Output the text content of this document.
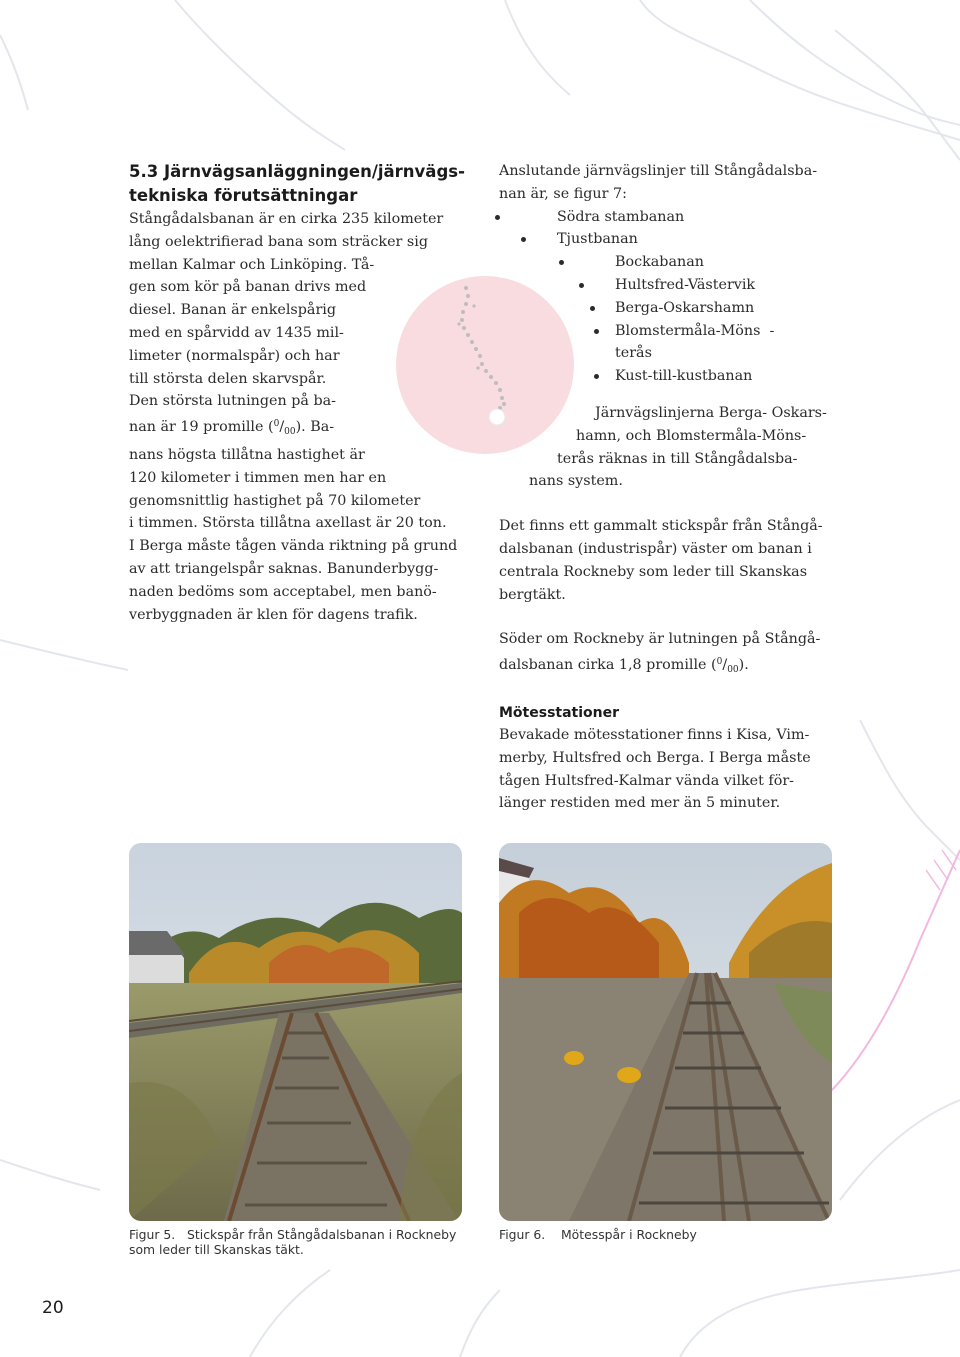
5.3 Järnvägsanläggningen/järnvägs-
tekniska förutsättningar

Stångådalsbanan är en cirka 235 kilometer
lång oelektrifierad bana som sträcker sig
mellan Kalmar och Linköping. Tå-
gen som kör på banan drivs med
diesel. Banan är enkelspårig
med en spårvidd av 1435 mil-
limeter (normalspår) och har
till största delen skarvspår.
Den största lutningen på ba-
nan är 19 promille $(^0/_{00})$. Ba-
nans högsta tillåtna hastighet är
120 kilometer i timmen men har en
genomsnittlig hastighet på 70 kilometer
i timmen. Största tillåtna axellast är 20 ton.
I Berga måste tågen vända riktning på grund
av att triangelspår saknas. Banunderbygg-
naden bedöms som acceptabel, men banö-
verbyggnaden är klen för dagens trafik.
Anslutande järnvägslinjer till Stångådalsba-
nan är, se figur 7:
Södra stambanan
Tjustbanan
Bockabanan
Hultsfred-Västervik
Berga-Oskarshamn
Blomstermåla-Möns  -
terås
Kust-till-kustbanan
Järnvägslinjerna Berga- Oskars-
hamn, och Blomstermåla-Möns-
terås räknas in till Stångådalsba-
nans system.
Det finns ett gammalt stickspår från Stångå-
dalsbanan (industrispår) väster om banan i
centrala Rockneby som leder till Skanskas
bergtäkt.
Söder om Rockneby är lutningen på Stångå-
dalsbanan cirka 1,8 promille $(^0/_{00})$.

Mötesstationer

Bevakade mötesstationer finns i Kisa, Vim-
merby, Hultsfred och Berga. I Berga måste
tågen Hultsfred-Kalmar vända vilket för-
länger restiden med mer än 5 minuter.
Figur 5.   Stickspår från Stångådalsbanan i Rockneby
som leder till Skanskas täkt.
Figur 6.    Mötesspår i Rockneby
20
